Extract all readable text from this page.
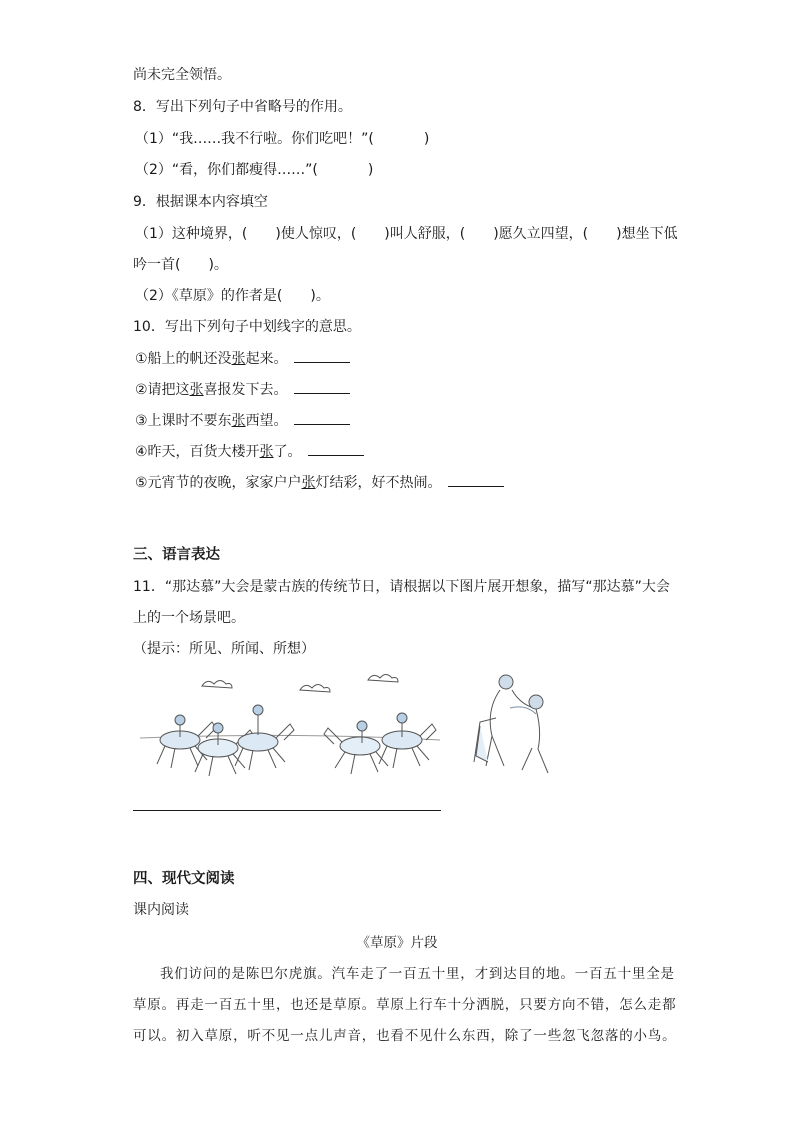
尚未完全领悟。
8．写出下列句子中省略号的作用。
（1）“我……我不行啦。你们吃吧！”(	)
（2）“看，你们都瘦得……”(	)
9．根据课本内容填空
（1）这种境界，(　　)使人惊叹，(　　)叫人舒服，(　　)愿久立四望，(　　)想坐下低
吟一首(　　)。
（2）《草原》的作者是(　　)。
10．写出下列句子中划线字的意思。
①船上的帆还没张起来。
②请把这张喜报发下去。
③上课时不要东张西望。
④昨天，百货大楼开张了。
⑤元宵节的夜晚，家家户户张灯结彩，好不热闹。
三、语言表达
11．“那达慕”大会是蒙古族的传统节日，请根据以下图片展开想象，描写“那达慕”大会
上的一个场景吧。
（提示：所见、所闻、所想）
四、现代文阅读
课内阅读
《草原》片段
我们访问的是陈巴尔虎旗。汽车走了一百五十里，才到达目的地。一百五十里全是
草原。再走一百五十里，也还是草原。草原上行车十分洒脱，只要方向不错，怎么走都
可以。初入草原，听不见一点儿声音，也看不见什么东西，除了一些忽飞忽落的小鸟。
